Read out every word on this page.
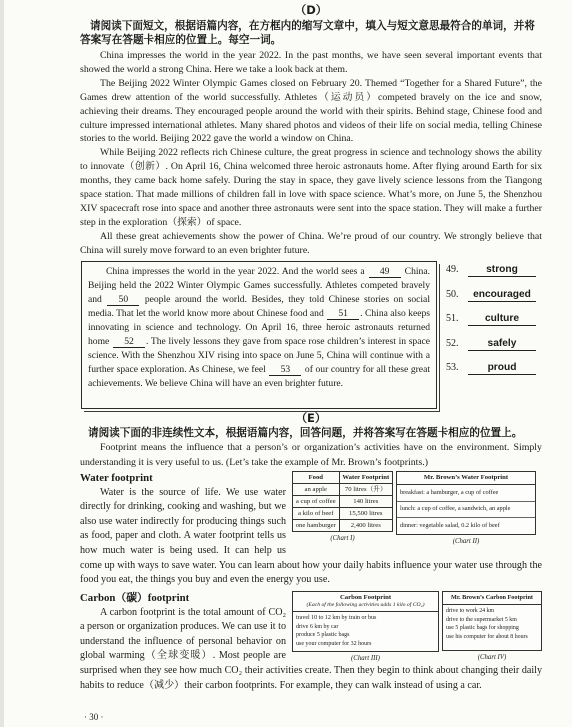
（D）
请阅读下面短文，根据语篇内容，在方框内的缩写文章中，填入与短文意思最符合的单词，并将答案写在答题卡相应的位置上。每空一词。

China impresses the world in the year 2022. In the past months, we have seen several important events that showed the world a strong China. Here we take a look back at them.

The Beijing 2022 Winter Olympic Games closed on February 20. Themed “Together for a Shared Future”, the Games drew attention of the world successfully. Athletes（运动员）competed bravely on the ice and snow, achieving their dreams. They encouraged people around the world with their spirits. Behind stage, Chinese food and culture impressed international athletes. Many shared photos and videos of their life on social media, telling Chinese stories to the world. Beijing 2022 gave the world a window on China.

While Beijing 2022 reflects rich Chinese culture, the great progress in science and technology shows the ability to innovate（创新）. On April 16, China welcomed three heroic astronauts home. After flying around Earth for six months, they came back home safely. During the stay in space, they gave lively science lessons from the Tiangong space station. That made millions of children fall in love with space science. What’s more, on June 5, the Shenzhou XIV spacecraft rose into space and another three astronauts were sent into the space station. They will make a further step in the exploration（探索）of space.

All these great achievements show the power of China. We’re proud of our country. We strongly believe that China will surely move forward to an even brighter future.

China impresses the world in the year 2022. And the world sees a 49 China. Beijing held the 2022 Winter Olympic Games successfully. Athletes competed bravely and 50 people around the world. Besides, they told Chinese stories on social media. That let the world know more about Chinese food and 51 . China also keeps innovating in science and technology. On April 16, three heroic astronauts returned home 52 . The lively lessons they gave from space rose children’s interest in space science. With the Shenzhou XIV rising into space on June 5, China will continue with a further space exploration. As Chinese, we feel 53 of our country for all these great achievements. We believe China will have an even brighter future.
49.	strong
50.	encouraged
51.	culture
52.	safely
53.	proud
（E）
请阅读下面的非连续性文本，根据语篇内容，回答问题，并将答案写在答题卡相应的位置上。

Footprint means the influence that a person’s or organization’s activities have on the environment. Simply understanding it is very useful to us. (Let’s take the example of Mr. Brown’s footprints.)

Food	Water Footprint
an apple	70 litres（升）
a cup of coffee	140 litres
a kilo of beef	15,500 litres
one hamburger	2,400 litres
(Chart I)
Mr. Brown’s Water Footprint
breakfast: a hamburger, a cup of coffee
lunch: a cup of coffee, a sandwich, an apple
dinner: vegetable salad, 0.2 kilo of beef
(Chart II)

Water footprint

Water is the source of life. We use water directly for drinking, cooking and washing, but we also use water indirectly for producing things such as food, paper and cloth. A water footprint tells us how much water is being used. It can help us come up with ways to save water. You can learn about how your daily habits influence your water use through the food you eat, the things you buy and even the energy you use.

Carbon Footprint
(Each of the following activities adds 1 kilo of CO₂)
travel 10 to 12 km by train or bus
drive 6 km by car
produce 5 plastic bags
use your computer for 32 hours
(Chart III)
Mr. Brown’s Carbon Footprint
drive to work 24 km
drive to the supermarket 5 km
use 5 plastic bags for shopping
use his computer for about 8 hours
(Chart IV)

Carbon（碳）footprint

A carbon footprint is the total amount of CO₂ a person or organization produces. We can use it to understand the influence of personal behavior on global warming（全球变暖）. Most people are surprised when they see how much CO₂ their activities create. Then they begin to think about changing their daily habits to reduce（减少）their carbon footprints. For example, they can walk instead of using a car.

· 30 ·
